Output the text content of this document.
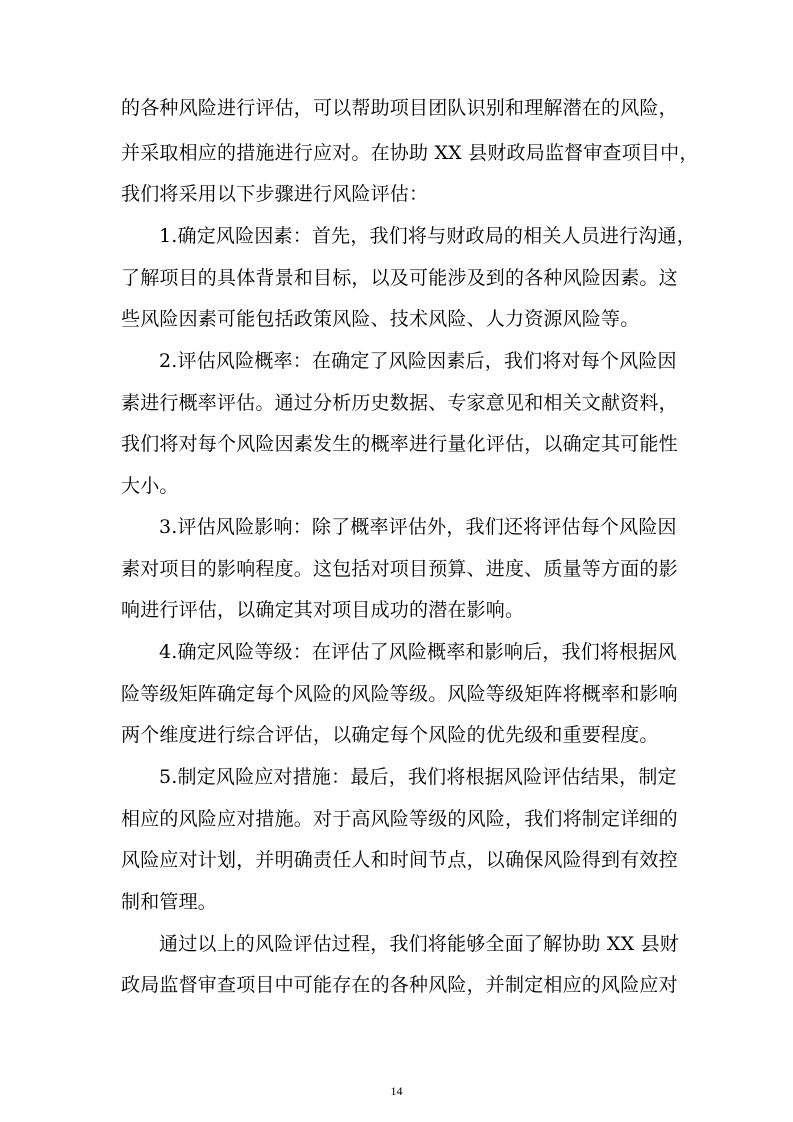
的各种风险进行评估，可以帮助项目团队识别和理解潜在的风险，
并采取相应的措施进行应对。在协助 XX 县财政局监督审查项目中，
我们将采用以下步骤进行风险评估：
1.确定风险因素：首先，我们将与财政局的相关人员进行沟通，
了解项目的具体背景和目标，以及可能涉及到的各种风险因素。这
些风险因素可能包括政策风险、技术风险、人力资源风险等。
2.评估风险概率：在确定了风险因素后，我们将对每个风险因
素进行概率评估。通过分析历史数据、专家意见和相关文献资料，
我们将对每个风险因素发生的概率进行量化评估，以确定其可能性
大小。
3.评估风险影响：除了概率评估外，我们还将评估每个风险因
素对项目的影响程度。这包括对项目预算、进度、质量等方面的影
响进行评估，以确定其对项目成功的潜在影响。
4.确定风险等级：在评估了风险概率和影响后，我们将根据风
险等级矩阵确定每个风险的风险等级。风险等级矩阵将概率和影响
两个维度进行综合评估，以确定每个风险的优先级和重要程度。
5.制定风险应对措施：最后，我们将根据风险评估结果，制定
相应的风险应对措施。对于高风险等级的风险，我们将制定详细的
风险应对计划，并明确责任人和时间节点，以确保风险得到有效控
制和管理。
通过以上的风险评估过程，我们将能够全面了解协助 XX 县财
政局监督审查项目中可能存在的各种风险，并制定相应的风险应对
14
